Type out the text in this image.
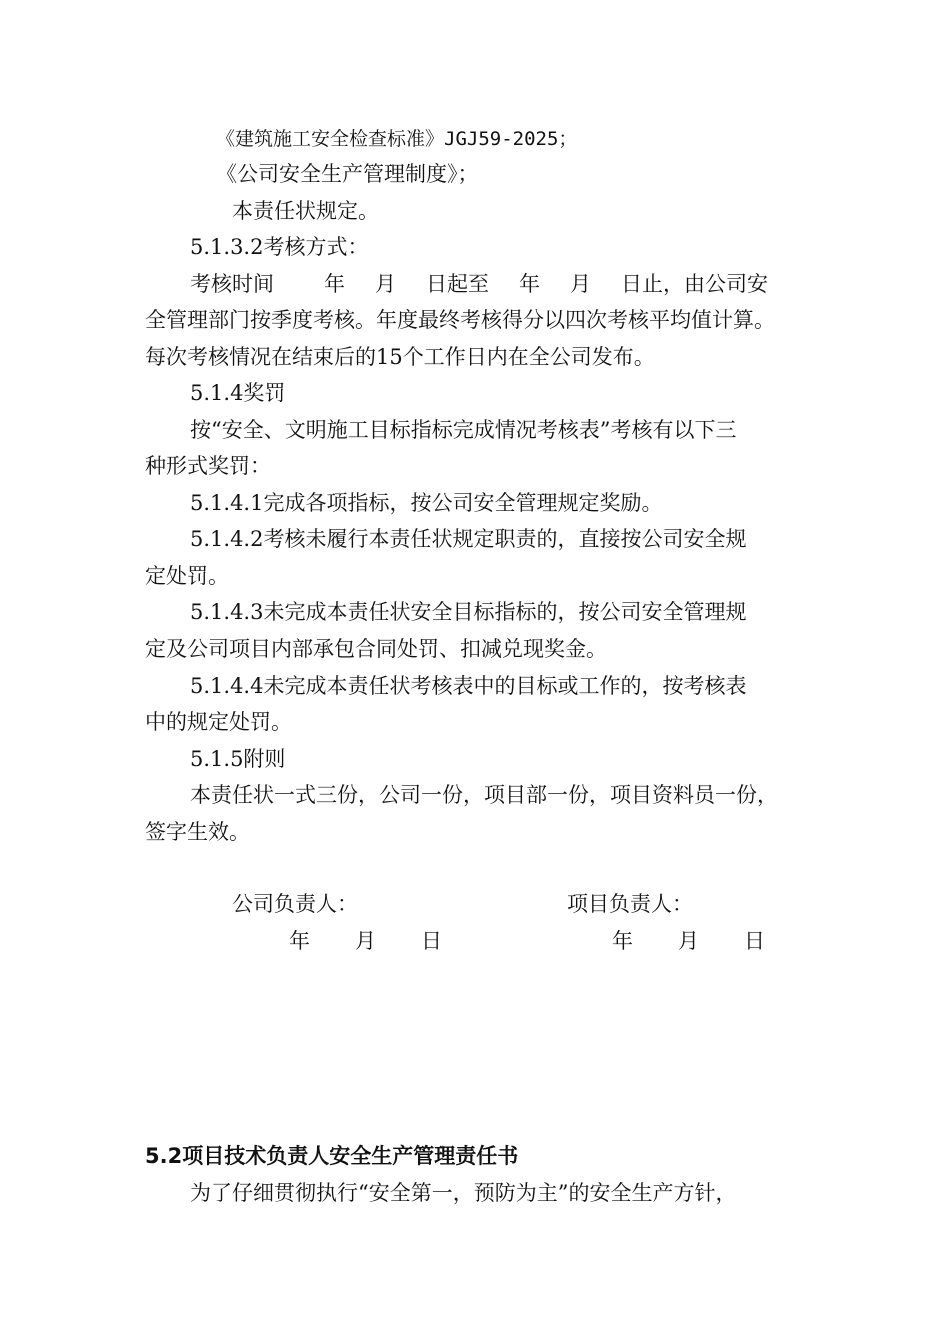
《建筑施工安全检查标准》JGJ59-2025；
《公司安全生产管理制度》；
本责任状规定。
5.1.3.2考核方式：
考核时间 年 月 日起至 年 月 日止，由公司安
全管理部门按季度考核。年度最终考核得分以四次考核平均值计算。
每次考核情况在结束后的15个工作日内在全公司发布。
5.1.4奖罚
按“安全、文明施工目标指标完成情况考核表”考核有以下三
种形式奖罚：
5.1.4.1完成各项指标，按公司安全管理规定奖励。
5.1.4.2考核未履行本责任状规定职责的，直接按公司安全规
定处罚。
5.1.4.3未完成本责任状安全目标指标的，按公司安全管理规
定及公司项目内部承包合同处罚、扣减兑现奖金。
5.1.4.4未完成本责任状考核表中的目标或工作的，按考核表
中的规定处罚。
5.1.5附则
本责任状一式三份，公司一份，项目部一份，项目资料员一份，
签字生效。
公司负责人：	项目负责人：
年 月 日	年 月 日
5.2项目技术负责人安全生产管理责任书
为了仔细贯彻执行“安全第一，预防为主”的安全生产方针，
